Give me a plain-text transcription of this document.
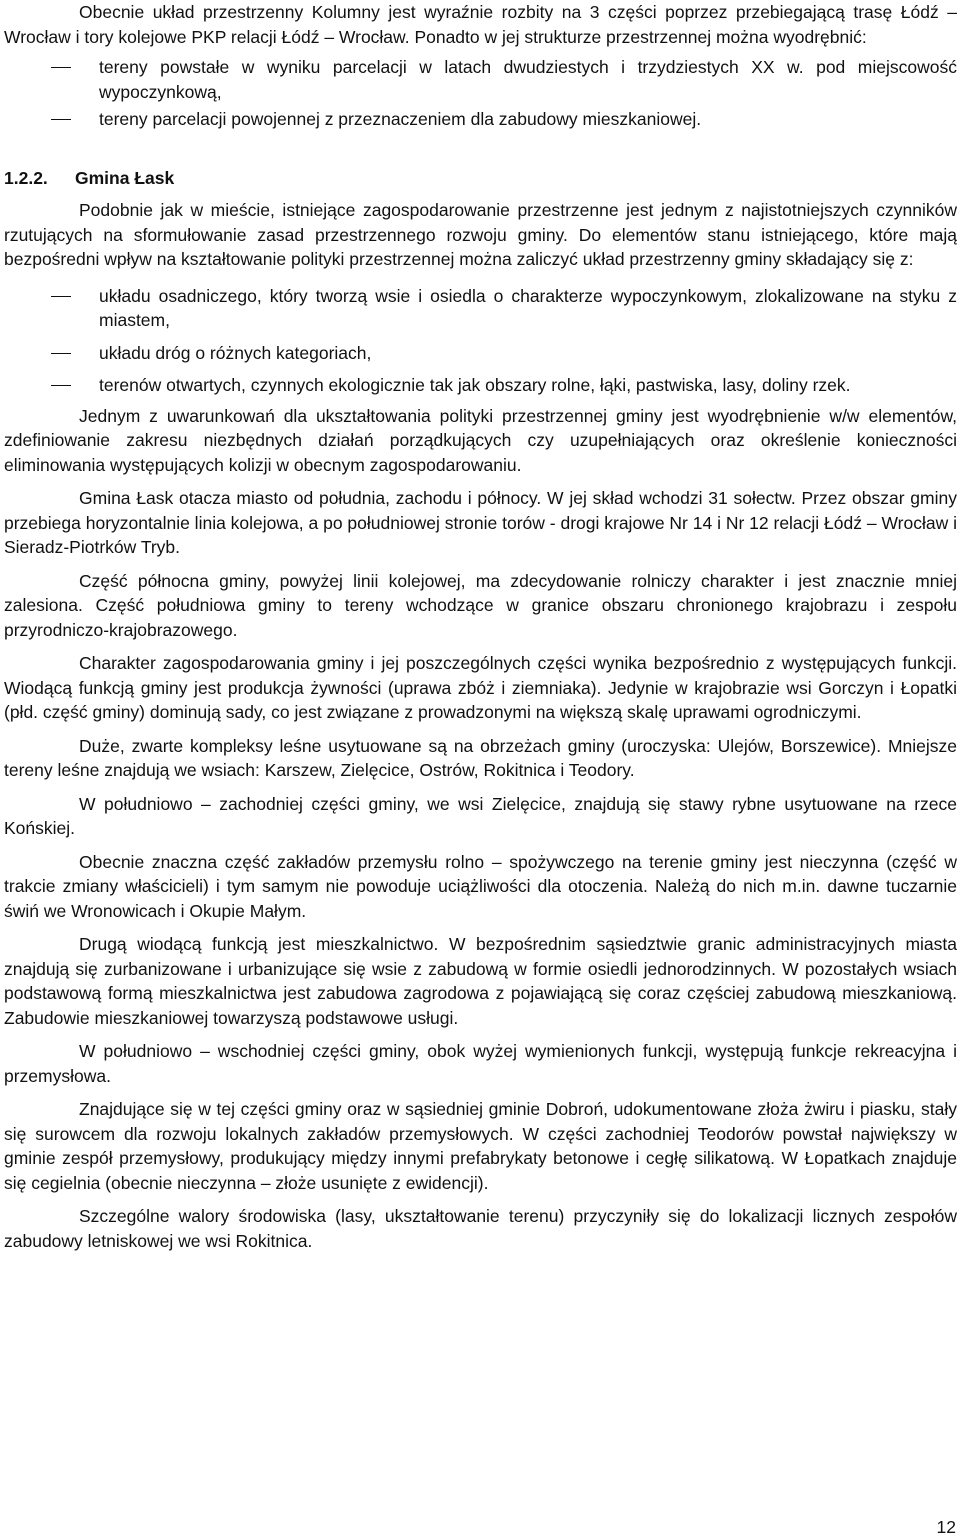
Obecnie układ przestrzenny Kolumny jest wyraźnie rozbity na 3 części poprzez przebiegającą trasę Łódź – Wrocław i tory kolejowe PKP relacji Łódź – Wrocław. Ponadto w jej strukturze przestrzennej można wyodrębnić:

tereny powstałe w wyniku parcelacji w latach dwudziestych i trzydziestych XX w. pod miejscowość wypoczynkową,
tereny parcelacji powojennej z przeznaczeniem dla zabudowy mieszkaniowej.
1.2.2. Gmina Łask

Podobnie jak w mieście, istniejące zagospodarowanie przestrzenne jest jednym z najistotniejszych czynników rzutujących na sformułowanie zasad przestrzennego rozwoju gminy. Do elementów stanu istniejącego, które mają bezpośredni wpływ na kształtowanie polityki przestrzennej można zaliczyć układ przestrzenny gminy składający się z:

układu osadniczego, który tworzą wsie i osiedla o charakterze wypoczynkowym, zlokalizowane na styku z miastem,
układu dróg o różnych kategoriach,
terenów otwartych, czynnych ekologicznie tak jak obszary rolne, łąki, pastwiska, lasy, doliny rzek.

Jednym z uwarunkowań dla ukształtowania polityki przestrzennej gminy jest wyodrębnienie w/w elementów, zdefiniowanie zakresu niezbędnych działań porządkujących czy uzupełniających oraz określenie konieczności eliminowania występujących kolizji w obecnym zagospodarowaniu.

Gmina Łask otacza miasto od południa, zachodu i północy. W jej skład wchodzi 31 sołectw. Przez obszar gminy przebiega horyzontalnie linia kolejowa, a po południowej stronie torów - drogi krajowe Nr 14 i Nr 12 relacji Łódź – Wrocław i Sieradz-Piotrków Tryb.

Część północna gminy, powyżej linii kolejowej, ma zdecydowanie rolniczy charakter i jest znacznie mniej zalesiona. Część południowa gminy to tereny wchodzące w granice obszaru chronionego krajobrazu i zespołu przyrodniczo-krajobrazowego.

Charakter zagospodarowania gminy i jej poszczególnych części wynika bezpośrednio z występujących funkcji. Wiodącą funkcją gminy jest produkcja żywności (uprawa zbóż i ziemniaka). Jedynie w krajobrazie wsi Gorczyn i Łopatki (płd. część gminy) dominują sady, co jest związane z prowadzonymi na większą skalę uprawami ogrodniczymi.

Duże, zwarte kompleksy leśne usytuowane są na obrzeżach gminy (uroczyska: Ulejów, Borszewice). Mniejsze tereny leśne znajdują we wsiach: Karszew, Zielęcice, Ostrów, Rokitnica i Teodory.

W południowo – zachodniej części gminy, we wsi Zielęcice, znajdują się stawy rybne usytuowane na rzece Końskiej.

Obecnie znaczna część zakładów przemysłu rolno – spożywczego na terenie gminy jest nieczynna (część w trakcie zmiany właścicieli) i tym samym nie powoduje uciążliwości dla otoczenia. Należą do nich m.in. dawne tuczarnie świń we Wronowicach i Okupie Małym.

Drugą wiodącą funkcją jest mieszkalnictwo. W bezpośrednim sąsiedztwie granic administracyjnych miasta znajdują się zurbanizowane i urbanizujące się wsie z zabudową w formie osiedli jednorodzinnych. W pozostałych wsiach podstawową formą mieszkalnictwa jest zabudowa zagrodowa z pojawiającą się coraz częściej zabudową mieszkaniową. Zabudowie mieszkaniowej towarzyszą podstawowe usługi.

W południowo – wschodniej części gminy, obok wyżej wymienionych funkcji, występują funkcje rekreacyjna i przemysłowa.

Znajdujące się w tej części gminy oraz w sąsiedniej gminie Dobroń, udokumentowane złoża żwiru i piasku, stały się surowcem dla rozwoju lokalnych zakładów przemysłowych. W części zachodniej Teodorów powstał największy w gminie zespół przemysłowy, produkujący między innymi prefabrykaty betonowe i cegłę silikatową. W Łopatkach znajduje się cegielnia (obecnie nieczynna – złoże usunięte z ewidencji).

Szczególne walory środowiska (lasy, ukształtowanie terenu) przyczyniły się do lokalizacji licznych zespołów zabudowy letniskowej we wsi Rokitnica.

12
